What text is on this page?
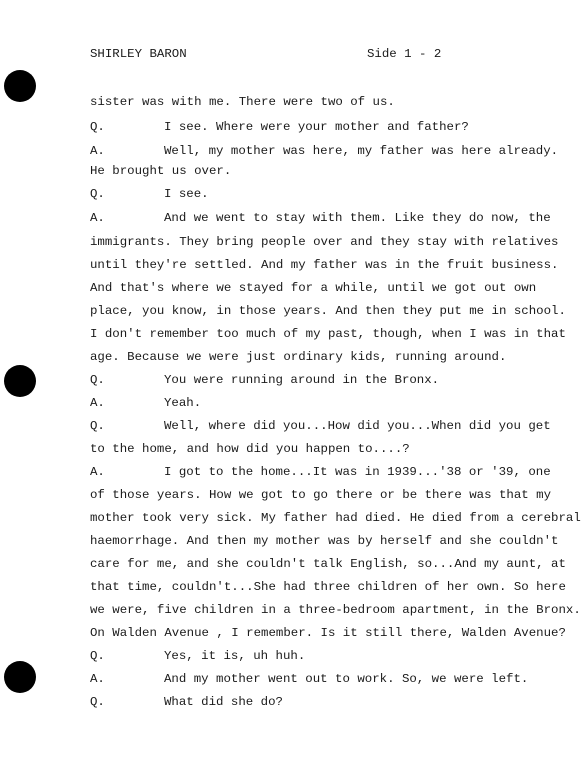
SHIRLEY BARON	Side 1 - 2
sister was with me. There were two of us.
Q.	I see. Where were your mother and father?
A.	Well, my mother was here, my father was here already.
He brought us over.
Q.	I see.
A.	And we went to stay with them. Like they do now, the
immigrants. They bring people over and they stay with relatives
until they're settled. And my father was in the fruit business.
And that's where we stayed for a while, until we got out own
place, you know, in those years. And then they put me in school.
I don't remember too much of my past, though, when I was in that
age. Because we were just ordinary kids, running around.
Q.	You were running around in the Bronx.
A.	Yeah.
Q.	Well, where did you...How did you...When did you get
to the home, and how did you happen to....?
A.	I got to the home...It was in 1939...'38 or '39, one
of those years. How we got to go there or be there was that my
mother took very sick. My father had died. He died from a cerebral
haemorrhage. And then my mother was by herself and she couldn't
care for me, and she couldn't talk English, so...And my aunt, at
that time, couldn't...She had three children of her own. So here
we were, five children in a three-bedroom apartment, in the Bronx.
On Walden Avenue , I remember. Is it still there, Walden Avenue?
Q.	Yes, it is, uh huh.
A.	And my mother went out to work. So, we were left.
Q.	What did she do?
